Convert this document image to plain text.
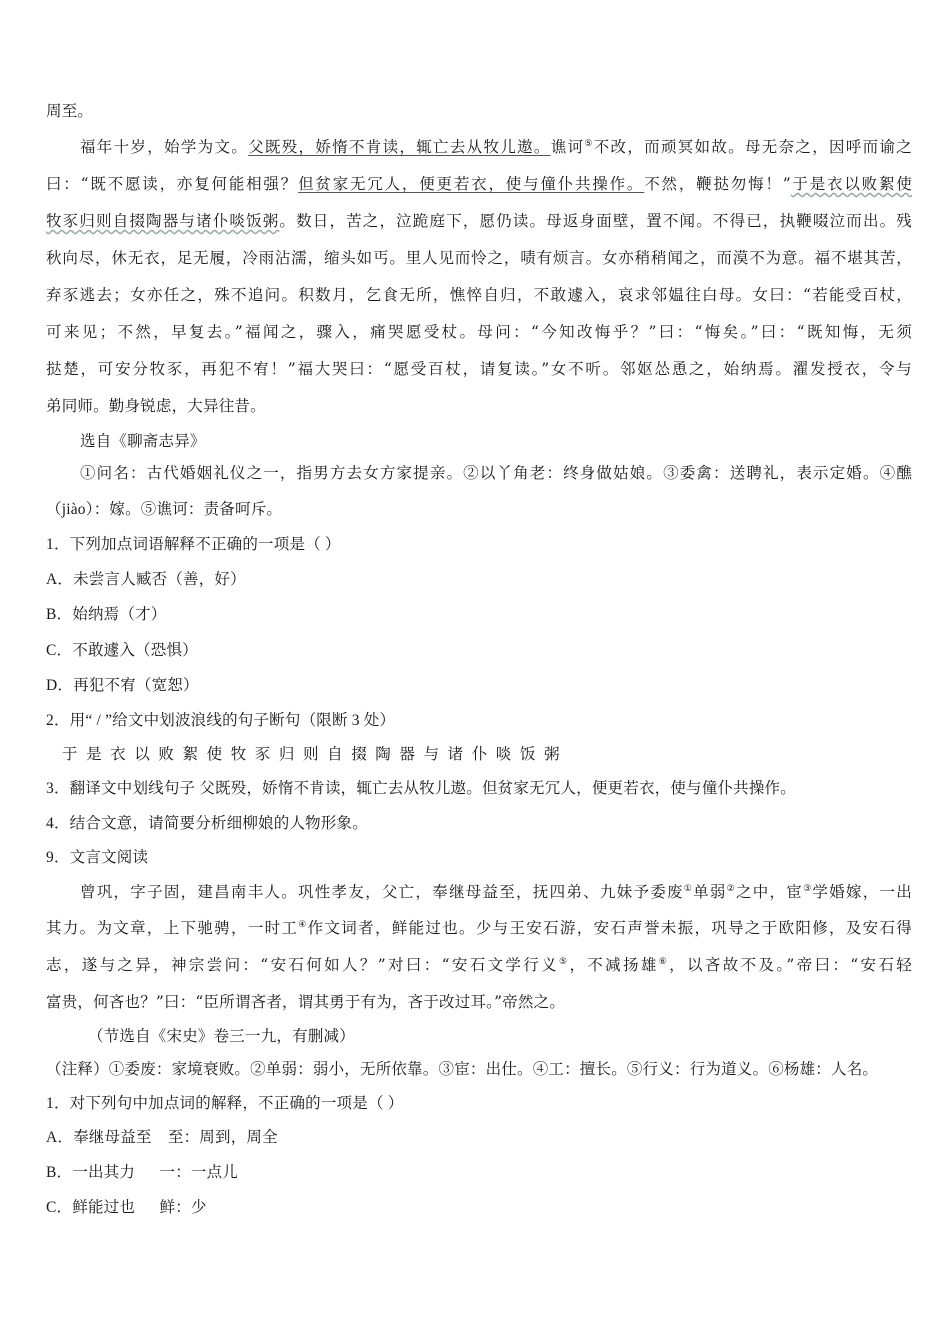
周至。
福年十岁，始学为文。父既殁，娇惰不肯读，辄亡去从牧儿遨。谯诃⑤不改，而顽冥如故。母无奈之，因呼而谕之
曰：“既不愿读，亦复何能相强？但贫家无冗人，便更若衣，使与僮仆共操作。不然，鞭挞勿悔！”于是衣以败絮使
牧豕归则自掇陶器与诸仆啖饭粥。数日，苦之，泣跪庭下，愿仍读。母返身面壁，置不闻。不得已，执鞭啜泣而出。残
秋向尽，休无衣，足无履，冷雨沾濡，缩头如丐。里人见而怜之，啧有烦言。女亦稍稍闻之，而漠不为意。福不堪其苦，
弃豕逃去；女亦任之，殊不追问。积数月，乞食无所，憔悴自归，不敢遽入，哀求邻媪往白母。女曰：“若能受百杖，
可来见；不然，早复去。”福闻之，骤入，痛哭愿受杖。母问：“今知改悔乎？”曰：“悔矣。”曰：“既知悔，无须
挞楚，可安分牧豕，再犯不宥！”福大哭曰：“愿受百杖，请复读。”女不听。邻妪怂恿之，始纳焉。濯发授衣，令与
弟同师。勤身锐虑，大异往昔。
选自《聊斋志异》
①问名：古代婚姻礼仪之一，指男方去女方家提亲。②以丫角老：终身做姑娘。③委禽：送聘礼，表示定婚。④醮
（jiào）：嫁。⑤谯诃：责备呵斥。
1．下列加点词语解释不正确的一项是（ ）
A．未尝言人臧否（善，好）
B．始纳焉（才）
C．不敢遽入（恐惧）
D．再犯不宥（宽恕）
2．用“ / ”给文中划波浪线的句子断句（限断 3 处）
于是衣以败絮使牧豕归则自掇陶器与诸仆啖饭粥
3．翻译文中划线句子 父既殁，娇惰不肯读，辄亡去从牧儿遨。但贫家无冗人，便更若衣，使与僮仆共操作。
4．结合文意，请简要分析细柳娘的人物形象。
9．文言文阅读
曾巩，字子固，建昌南丰人。巩性孝友，父亡，奉继母益至，抚四弟、九妹予委废①单弱②之中，宦③学婚嫁，一出
其力。为文章，上下驰骋，一时工④作文词者，鲜能过也。少与王安石游，安石声誉未振，巩导之于欧阳修，及安石得
志，遂与之异，神宗尝问：“安石何如人？”对曰：“安石文学行义⑤，不减扬雄⑥，以吝故不及。”帝曰：“安石轻
富贵，何吝也？”曰：“臣所谓吝者，谓其勇于有为，吝于改过耳。”帝然之。
（节选自《宋史》卷三一九，有删减）
（注释）①委废：家境衰败。②单弱：弱小，无所依靠。③宦：出仕。④工：擅长。⑤行义：行为道义。⑥杨雄：人名。
1．对下列句中加点词的解释，不正确的一项是（ ）
A．奉继母益至    至：周到，周全
B．一出其力      一：一点儿
C．鲜能过也      鲜：少
